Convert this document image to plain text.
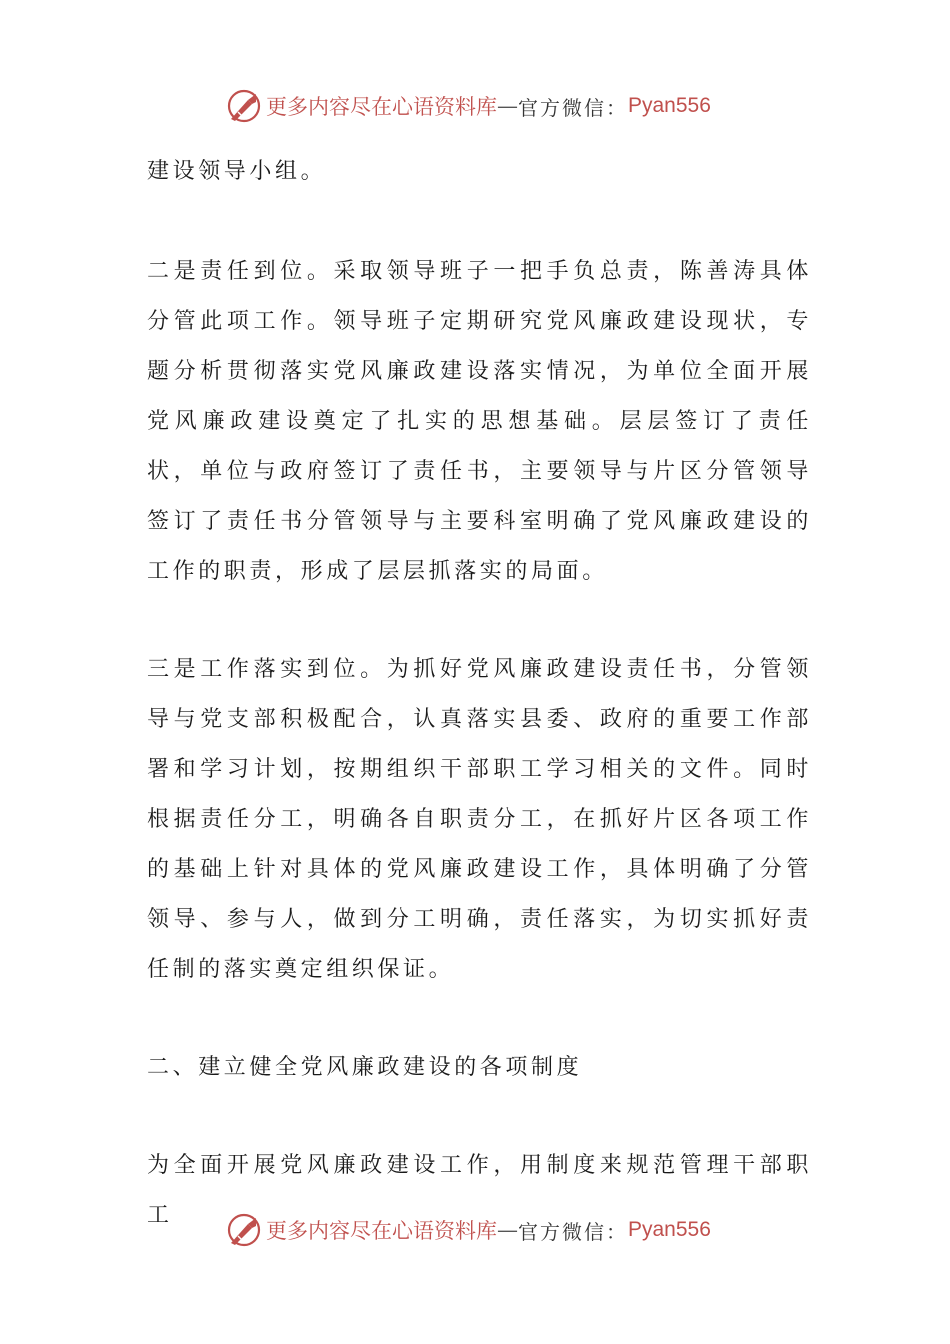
更多内容尽在心语资料库 — 官方微信： Pyan556

建设领导小组。

二是责任到位。采取领导班子一把手负总责，陈善涛具体分管此项工作。领导班子定期研究党风廉政建设现状，专题分析贯彻落实党风廉政建设落实情况，为单位全面开展党风廉政建设奠定了扎实的思想基础。层层签订了责任状，单位与政府签订了责任书，主要领导与片区分管领导签订了责任书分管领导与主要科室明确了党风廉政建设的工作的职责，形成了层层抓落实的局面。

三是工作落实到位。为抓好党风廉政建设责任书，分管领导与党支部积极配合，认真落实县委、政府的重要工作部署和学习计划，按期组织干部职工学习相关的文件。同时根据责任分工，明确各自职责分工，在抓好片区各项工作的基础上针对具体的党风廉政建设工作，具体明确了分管领导、参与人，做到分工明确，责任落实，为切实抓好责任制的落实奠定组织保证。

二、建立健全党风廉政建设的各项制度

为全面开展党风廉政建设工作，用制度来规范管理干部职工

更多内容尽在心语资料库 — 官方微信： Pyan556
